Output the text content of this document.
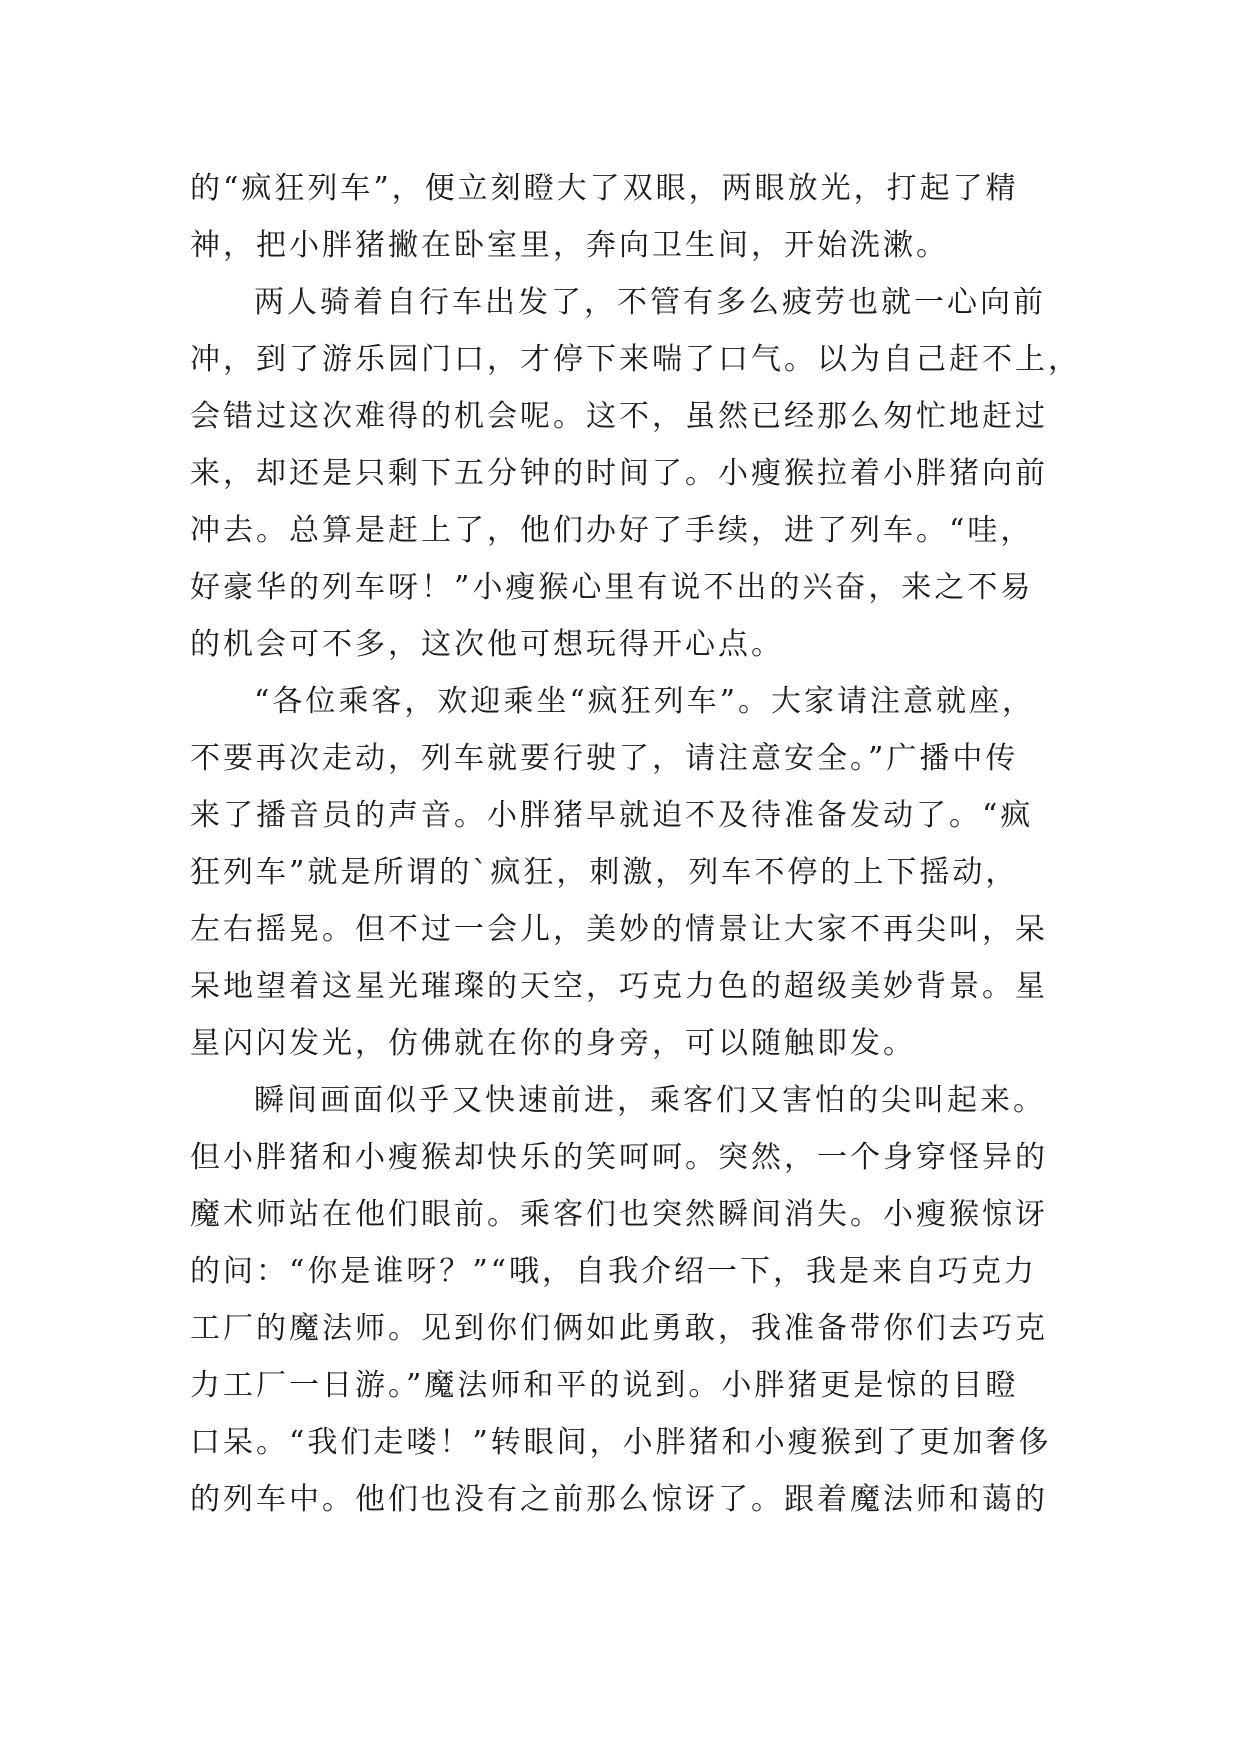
的“疯狂列车”，便立刻瞪大了双眼，两眼放光，打起了精
神，把小胖猪撇在卧室里，奔向卫生间，开始洗漱。
两人骑着自行车出发了，不管有多么疲劳也就一心向前
冲，到了游乐园门口，才停下来喘了口气。以为自己赶不上，
会错过这次难得的机会呢。这不，虽然已经那么匆忙地赶过
来，却还是只剩下五分钟的时间了。小瘦猴拉着小胖猪向前
冲去。总算是赶上了，他们办好了手续，进了列车。“哇，
好豪华的列车呀！”小瘦猴心里有说不出的兴奋，来之不易
的机会可不多，这次他可想玩得开心点。
“各位乘客，欢迎乘坐“疯狂列车”。大家请注意就座，
不要再次走动，列车就要行驶了，请注意安全。”广播中传
来了播音员的声音。小胖猪早就迫不及待准备发动了。“疯
狂列车”就是所谓的`疯狂，刺激，列车不停的上下摇动，
左右摇晃。但不过一会儿，美妙的情景让大家不再尖叫，呆
呆地望着这星光璀璨的天空，巧克力色的超级美妙背景。星
星闪闪发光，仿佛就在你的身旁，可以随触即发。
瞬间画面似乎又快速前进，乘客们又害怕的尖叫起来。
但小胖猪和小瘦猴却快乐的笑呵呵。突然，一个身穿怪异的
魔术师站在他们眼前。乘客们也突然瞬间消失。小瘦猴惊讶
的问：“你是谁呀？”“哦，自我介绍一下，我是来自巧克力
工厂的魔法师。见到你们俩如此勇敢，我准备带你们去巧克
力工厂一日游。”魔法师和平的说到。小胖猪更是惊的目瞪
口呆。“我们走喽！”转眼间，小胖猪和小瘦猴到了更加奢侈
的列车中。他们也没有之前那么惊讶了。跟着魔法师和蔼的
